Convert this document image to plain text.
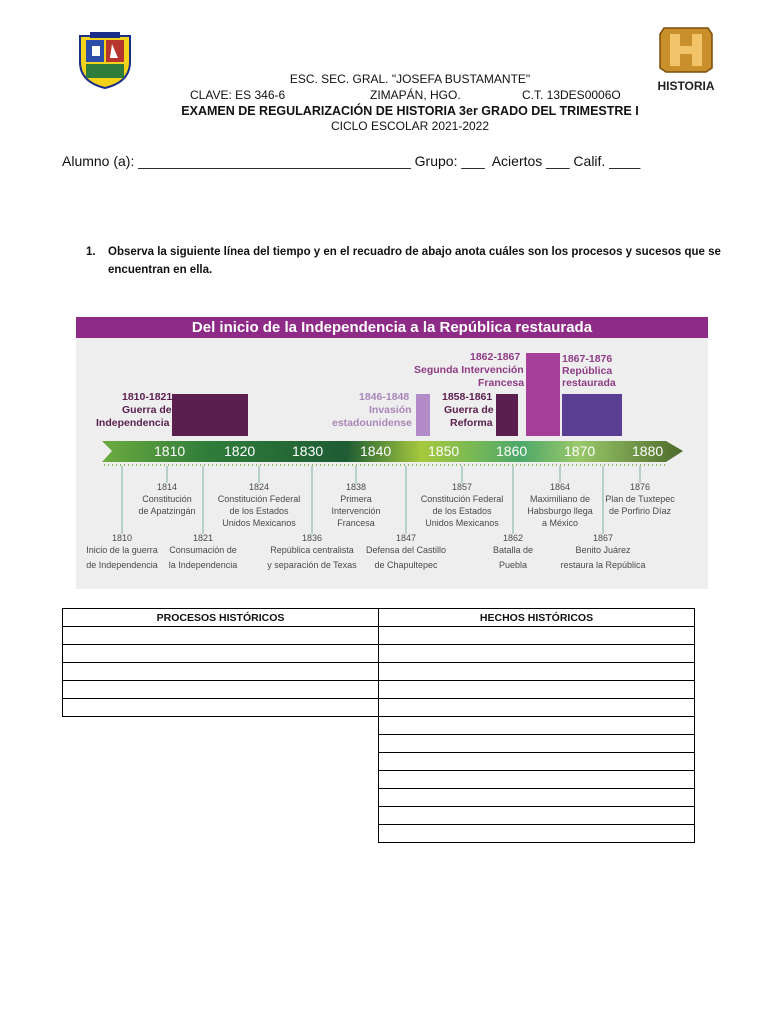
HISTORIA
ESC. SEC. GRAL. "JOSEFA BUSTAMANTE"
CLAVE: ES 346-6	ZIMAPÁN, HGO.	C.T. 13DES0006O
EXAMEN DE REGULARIZACIÓN DE HISTORIA 3er GRADO DEL TRIMESTRE I
CICLO ESCOLAR 2021-2022
Alumno (a): ___________________________________ Grupo: ___  Aciertos ___ Calif. ____
1. Observa la siguiente línea del tiempo y en el recuadro de abajo anota cuáles son los procesos y sucesos que se
encuentran en ella.
Del inicio de la Independencia a la República restaurada
1810-1821
Guerra de
Independencia
1846-1848
Invasión
estadounidense
1858-1861
Guerra de
Reforma
1862-1867
Segunda Intervención
Francesa
1867-1876
República
restaurada
1810	1820	1830	1840	1850	1860	1870	1880
1814
Constitución
de Apatzingán
1824
Constitución Federal
de los Estados
Unidos Mexicanos
1838
Primera
Intervención
Francesa
1857
Constitución Federal
de los Estados
Unidos Mexicanos
1864
Maximiliano de
Habsburgo llega
a México
1876
Plan de Tuxtepec
de Porfirio Díaz
1810
Inicio de la guerra
de Independencia
1821
Consumación de
la Independencia
1836
República centralista
y separación de Texas
1847
Defensa del Castillo
de Chapultepec
1862
Batalla de
Puebla
1867
Benito Juárez
restaura la República
PROCESOS HISTÓRICOS	HECHOS HISTÓRICOS
